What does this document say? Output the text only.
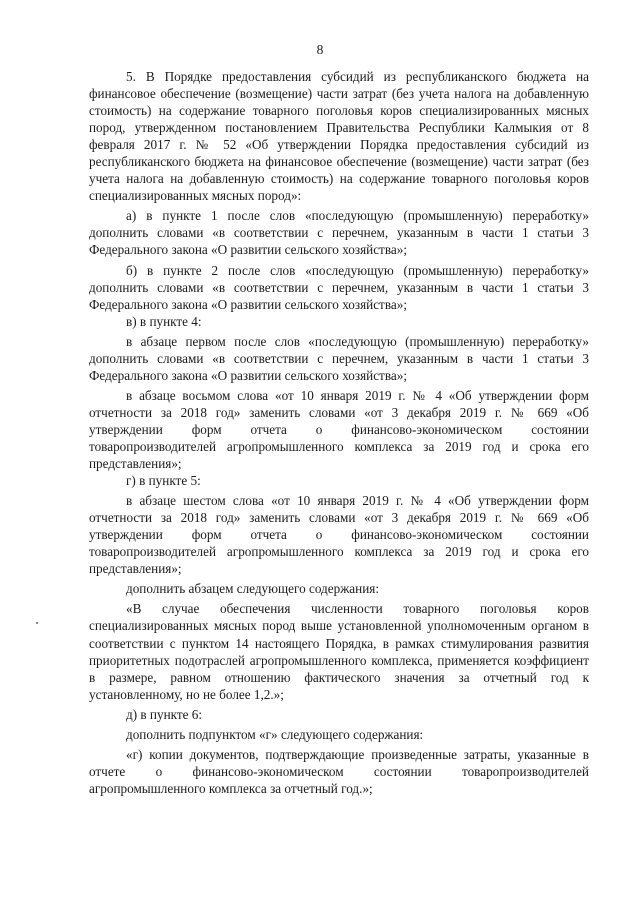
8

5. В Порядке предоставления субсидий из республиканского бюджета на финансовое обеспечение (возмещение) части затрат (без учета налога на добавленную стоимость) на содержание товарного поголовья коров специализированных мясных пород, утвержденном постановлением Правительства Республики Калмыкия от 8 февраля 2017 г. № 52 «Об утверждении Порядка предоставления субсидий из республиканского бюджета на финансовое обеспечение (возмещение) части затрат (без учета налога на добавленную стоимость) на содержание товарного поголовья коров специализированных мясных пород»:

а) в пункте 1 после слов «последующую (промышленную) переработку» дополнить словами «в соответствии с перечнем, указанным в части 1 статьи 3 Федерального закона «О развитии сельского хозяйства»;

б) в пункте 2 после слов «последующую (промышленную) переработку» дополнить словами «в соответствии с перечнем, указанным в части 1 статьи 3 Федерального закона «О развитии сельского хозяйства»;

в) в пункте 4:

в абзаце первом после слов «последующую (промышленную) переработку» дополнить словами «в соответствии с перечнем, указанным в части 1 статьи 3 Федерального закона «О развитии сельского хозяйства»;

в абзаце восьмом слова «от 10 января 2019 г. № 4 «Об утверждении форм отчетности за 2018 год» заменить словами «от 3 декабря 2019 г. № 669 «Об утверждении форм отчета о финансово-экономическом состоянии товаропроизводителей агропромышленного комплекса за 2019 год и срока его представления»;

г) в пункте 5:

в абзаце шестом слова «от 10 января 2019 г. № 4 «Об утверждении форм отчетности за 2018 год» заменить словами «от 3 декабря 2019 г. № 669 «Об утверждении форм отчета о финансово-экономическом состоянии товаропроизводителей агропромышленного комплекса за 2019 год и срока его представления»;

дополнить абзацем следующего содержания:

«В случае обеспечения численности товарного поголовья коров специализированных мясных пород выше установленной уполномоченным органом в соответствии с пунктом 14 настоящего Порядка, в рамках стимулирования развития приоритетных подотраслей агропромышленного комплекса, применяется коэффициент в размере, равном отношению фактического значения за отчетный год к установленному, но не более 1,2.»;

д) в пункте 6:

дополнить подпунктом «г» следующего содержания:

«г) копии документов, подтверждающие произведенные затраты, указанные в отчете о финансово-экономическом состоянии товаропроизводителей агропромышленного комплекса за отчетный год.»;
